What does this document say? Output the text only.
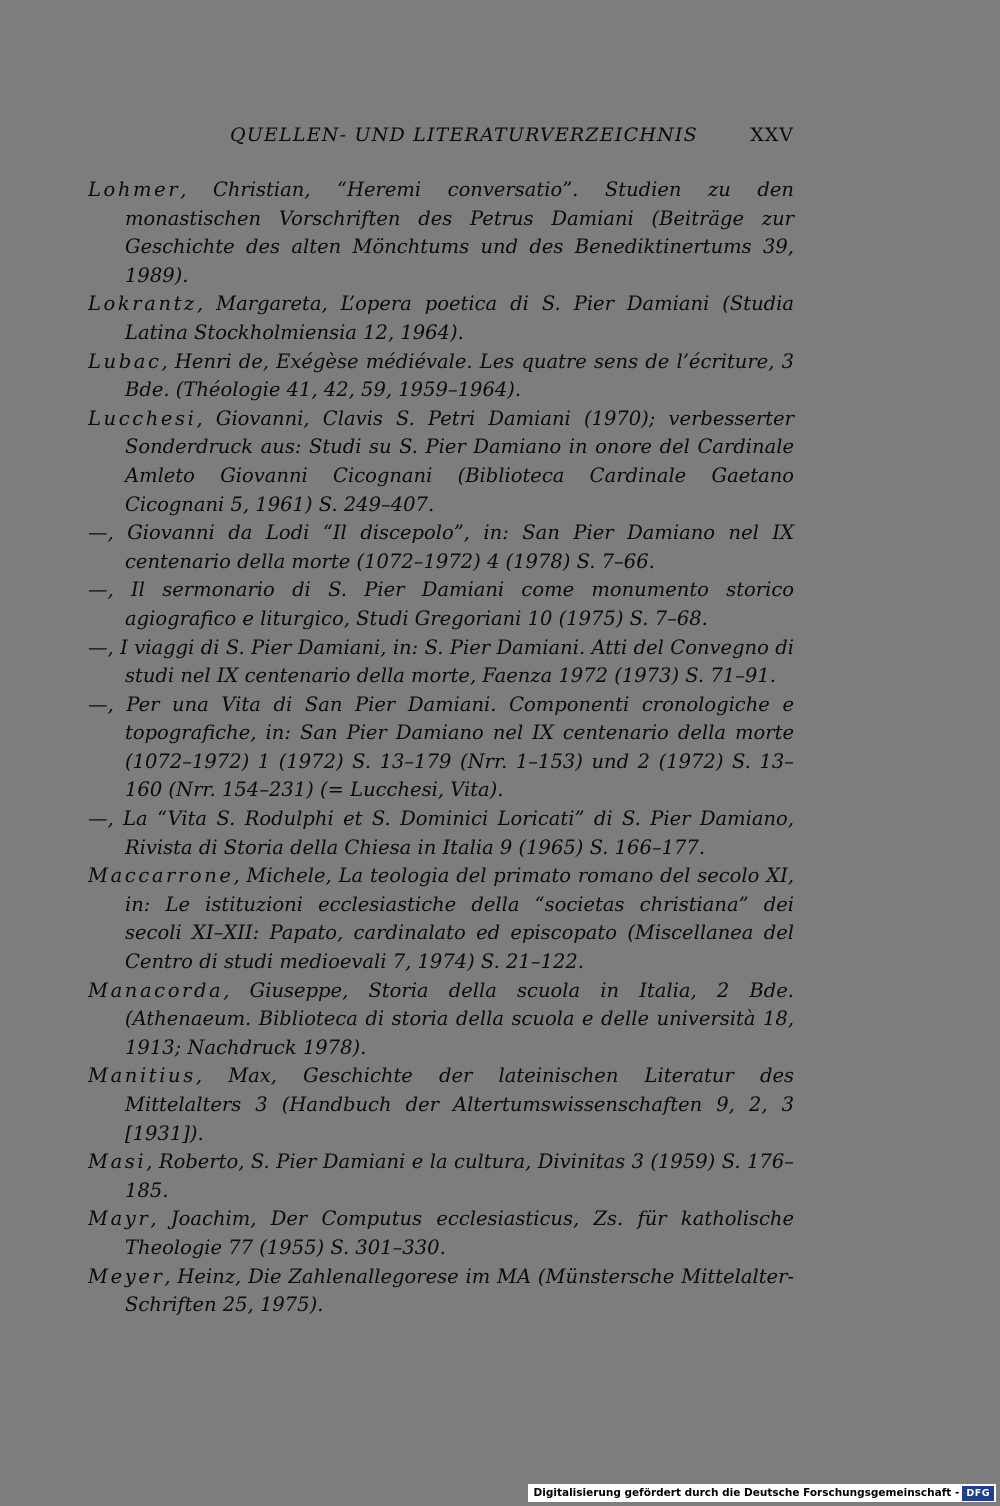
QUELLEN- UND LITERATURVERZEICHNIS	XXV

Lohmer, Christian, “Heremi conversatio”. Studien zu den monastischen Vorschriften des Petrus Damiani (Beiträge zur Geschichte des alten Mönchtums und des Benediktinertums 39, 1989).

Lokrantz, Margareta, L’opera poetica di S. Pier Damiani (Studia Latina Stockholmiensia 12, 1964).

Lubac, Henri de, Exégèse médiévale. Les quatre sens de l’écriture, 3 Bde. (Théologie 41, 42, 59, 1959–1964).

Lucchesi, Giovanni, Clavis S. Petri Damiani (1970); verbesserter Sonderdruck aus: Studi su S. Pier Damiano in onore del Cardinale Amleto Giovanni Cicognani (Biblioteca Cardinale Gaetano Cicognani 5, 1961) S. 249–407.

—, Giovanni da Lodi “Il discepolo”, in: San Pier Damiano nel IX centenario della morte (1072–1972) 4 (1978) S. 7–66.

—, Il sermonario di S. Pier Damiani come monumento storico agiografico e liturgico, Studi Gregoriani 10 (1975) S. 7–68.

—, I viaggi di S. Pier Damiani, in: S. Pier Damiani. Atti del Convegno di studi nel IX centenario della morte, Faenza 1972 (1973) S. 71–91.

—, Per una Vita di San Pier Damiani. Componenti cronologiche e topografiche, in: San Pier Damiano nel IX centenario della morte (1072–1972) 1 (1972) S. 13–179 (Nrr. 1–153) und 2 (1972) S. 13–160 (Nrr. 154–231) (= Lucchesi, Vita).

—, La “Vita S. Rodulphi et S. Dominici Loricati” di S. Pier Damiano, Rivista di Storia della Chiesa in Italia 9 (1965) S. 166–177.

Maccarrone, Michele, La teologia del primato romano del secolo XI, in: Le istituzioni ecclesiastiche della “societas christiana” dei secoli XI–XII: Papato, cardinalato ed episcopato (Miscellanea del Centro di studi medioevali 7, 1974) S. 21–122.

Manacorda, Giuseppe, Storia della scuola in Italia, 2 Bde. (Athenaeum. Biblioteca di storia della scuola e delle università 18, 1913; Nachdruck 1978).

Manitius, Max, Geschichte der lateinischen Literatur des Mittelalters 3 (Handbuch der Altertumswissenschaften 9, 2, 3 [1931]).

Masi, Roberto, S. Pier Damiani e la cultura, Divinitas 3 (1959) S. 176–185.

Mayr, Joachim, Der Computus ecclesiasticus, Zs. für katholische Theologie 77 (1955) S. 301–330.

Meyer, Heinz, Die Zahlenallegorese im MA (Münstersche Mittelalter-Schriften 25, 1975).

Digitalisierung gefördert durch die Deutsche Forschungsgemeinschaft - DFG
